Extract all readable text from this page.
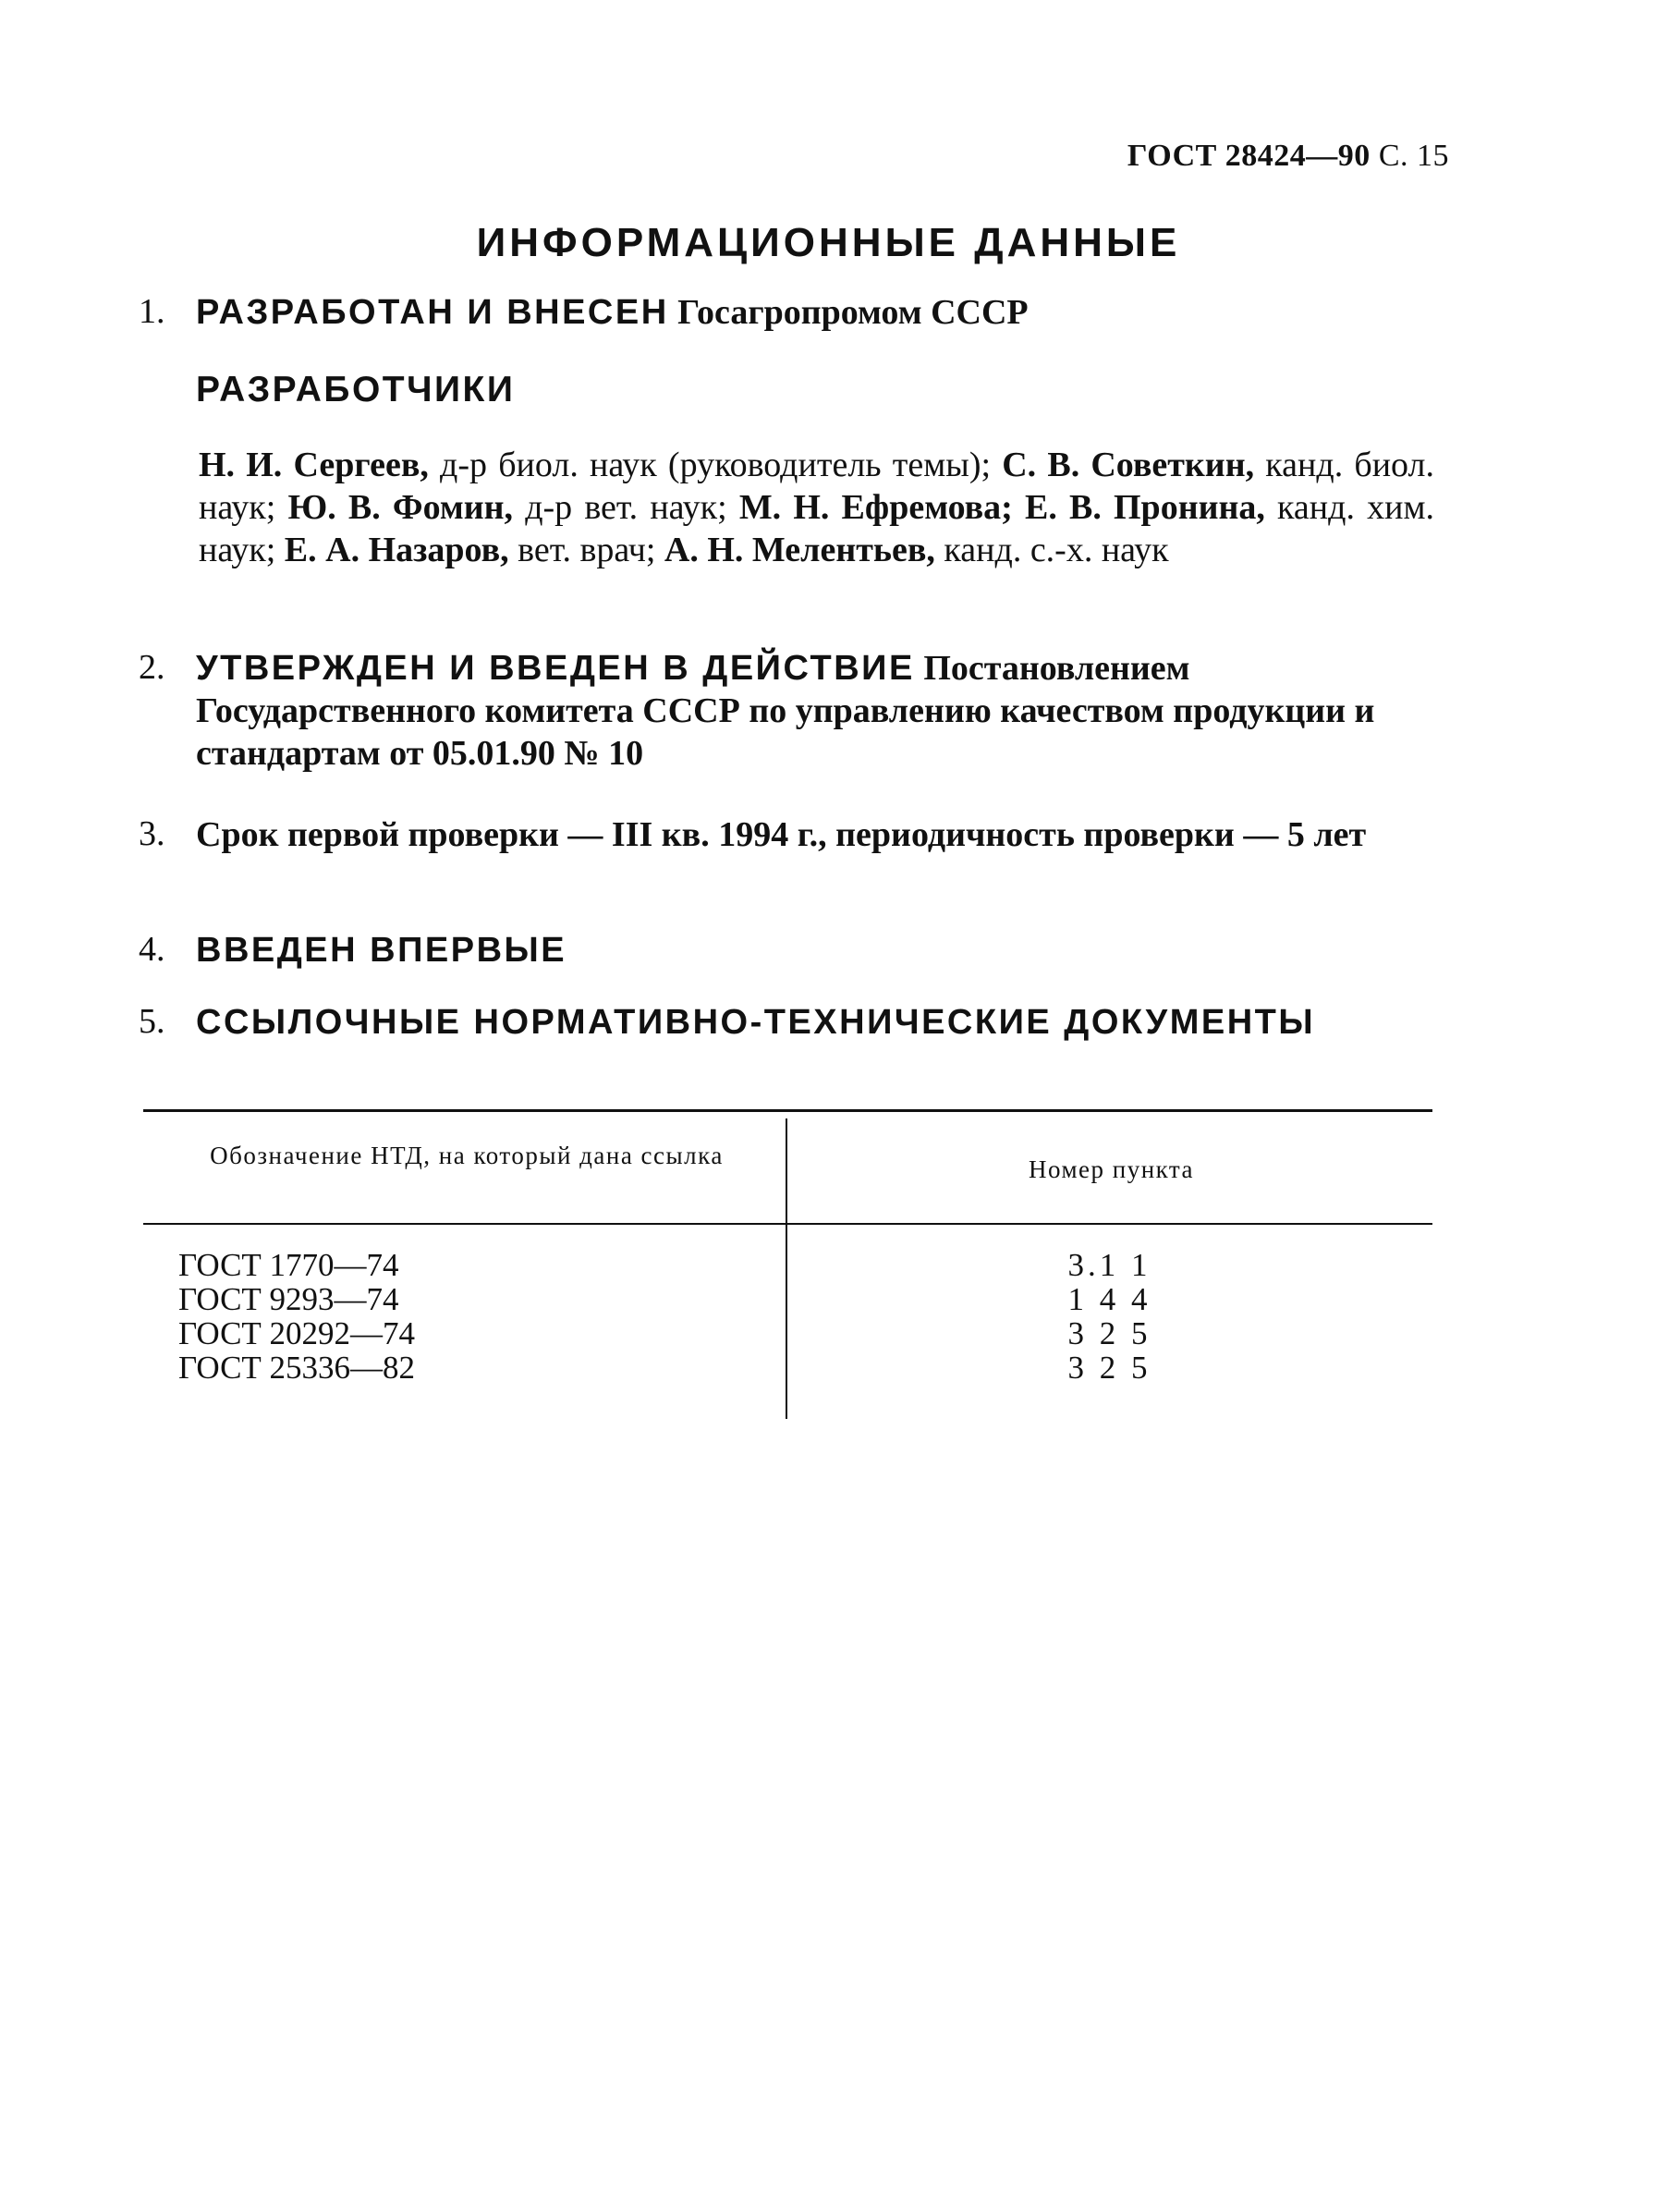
ГОСТ 28424—90 С. 15
ИНФОРМАЦИОННЫЕ ДАННЫЕ
1. РАЗРАБОТАН И ВНЕСЕН Госагропромом СССР
РАЗРАБОТЧИКИ
Н. И. Сергеев, д-р биол. наук (руководитель темы); С. В. Советкин, канд. биол. наук; Ю. В. Фомин, д-р вет. наук; М. Н. Ефремова; Е. В. Пронина, канд. хим. наук; Е. А. Назаров, вет. врач; А. Н. Мелентьев, канд. с.-х. наук
2. УТВЕРЖДЕН И ВВЕДЕН В ДЕЙСТВИЕ Постановлением Государственного комитета СССР по управлению качеством продукции и стандартам от 05.01.90 № 10
3. Срок первой проверки — III кв. 1994 г., периодичность проверки — 5 лет
4. ВВЕДЕН ВПЕРВЫЕ
5. ССЫЛОЧНЫЕ НОРМАТИВНО-ТЕХНИЧЕСКИЕ ДОКУМЕНТЫ
Обозначение НТД, на который дана ссылка	Номер пункта
ГОСТ 1770—74	3.1 1
ГОСТ 9293—74	1 4 4
ГОСТ 20292—74	3 2 5
ГОСТ 25336—82	3 2 5
